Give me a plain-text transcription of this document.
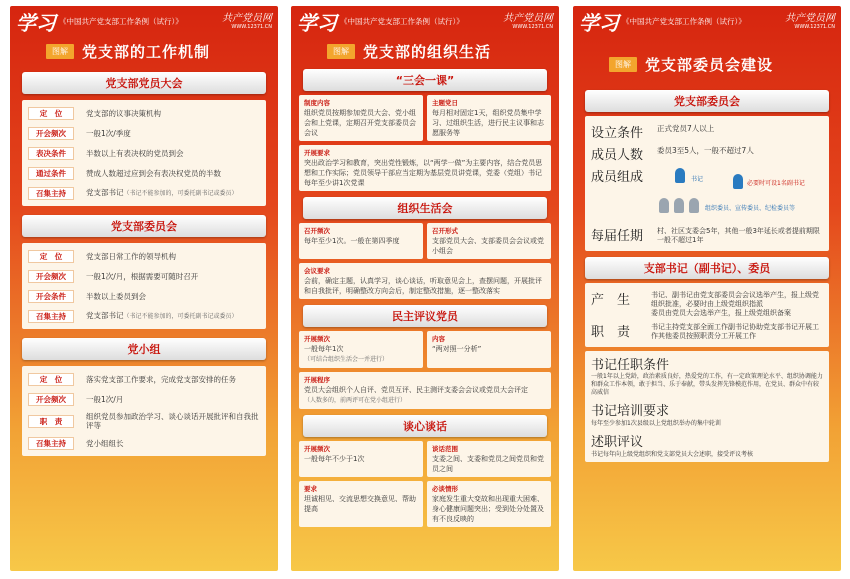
学习 《中国共产党支部工作条例（试行）》	共产党员网
WWW.12371.CN
图解 党支部的工作机制
党支部党员大会
定　位	党支部的议事决策机构
开会频次	一般1次/季度
表决条件	半数以上有表决权的党员到会
通过条件	赞成人数超过应到会有表决权党员的半数
召集主持	党支部书记（书记不能参加的，可委托副书记或委员）
党支部委员会
定　位	党支部日常工作的领导机构
开会频次	一般1次/月，根据需要可随时召开
开会条件	半数以上委员到会
召集主持	党支部书记（书记不能参加的，可委托副书记或委员）
党小组
定　位	落实党支部工作要求，完成党支部安排的任务
开会频次	一般1次/月
职　责	组织党员参加政治学习、谈心谈话开展批评和自我批评等
召集主持	党小组组长
学习 《中国共产党支部工作条例（试行）》	共产党员网
WWW.12371.CN
图解 党支部的组织生活
“三会一课”
制度内容
组织党员按期参加党员大会、党小组会和上党课，定期召开党支部委员会会议
主题党日
每月相对固定1天，组织党员集中学习、过组织生活，进行民主议事和志愿服务等
开展要求
突出政治学习和教育，突出党性锻炼，以“两学一做”为主要内容，结合党员思想和工作实际；党员领导干部应当定期为基层党员讲党课，党委（党组）书记每年至少讲1次党课
组织生活会
召开频次
每年至少1次。一般在第四季度
召开形式
支部党员大会、支部委员会会议或党小组会
会议要求
会前，确定主题，认真学习，谈心谈话，听取意见会上，查摆问题，开展批评和自我批评，明确整改方向会后，制定整改措施，逐一整改落实
民主评议党员
开展频次
一般每年1次
（可结合组织生活会一并进行）
内容
“两对照一分析”
开展程序
党员大会组织个人自评、党员互评、民主测评支委会会议或党员大会评定
（人数多的，前两评可在党小组进行）
谈心谈话
开展频次
一般每年不少于1次
谈话范围
支委之间、支委和党员之间党员和党员之间
要求
坦诚相见、交流思想交换意见、帮助提高
必谈情形
家庭发生重大变故和出现重大困难、身心健康问题突出；受到处分处置及有不良反映的
学习 《中国共产党支部工作条例（试行）》	共产党员网
WWW.12371.CN
图解 党支部委员会建设
党支部委员会
设立条件	正式党员7人以上
成员人数	委员3至5人，一般不超过7人
成员组成	书记
必要时可设1名副书记
组织委员、宣传委员、纪检委员等
每届任期	村、社区支委会5年，其他一般3年延长或者提前期限一般不超过1年
支部书记（副书记）、委员
产　生	书记、副书记由党支部委员会会议选举产生，报上级党组织批准，必要时由上级党组织指派
委员由党员大会选举产生，报上级党组织备案
职　责	书记主持党支部全面工作副书记协助党支部书记开展工作其他委员按照职责分工开展工作
书记任职条件
一般1年以上党龄，政治素质良好，热爱党的工作，有一定政策理论水平、组织协调能力和群众工作本领，敢于担当、乐于奉献，带头发挥先锋模范作用，在党员、群众中有较高威信
书记培训要求
每年至少参加1次县级以上党组织举办的集中轮训
述职评议
书记每年向上级党组织和党支部党员大会述职，接受评议考核
